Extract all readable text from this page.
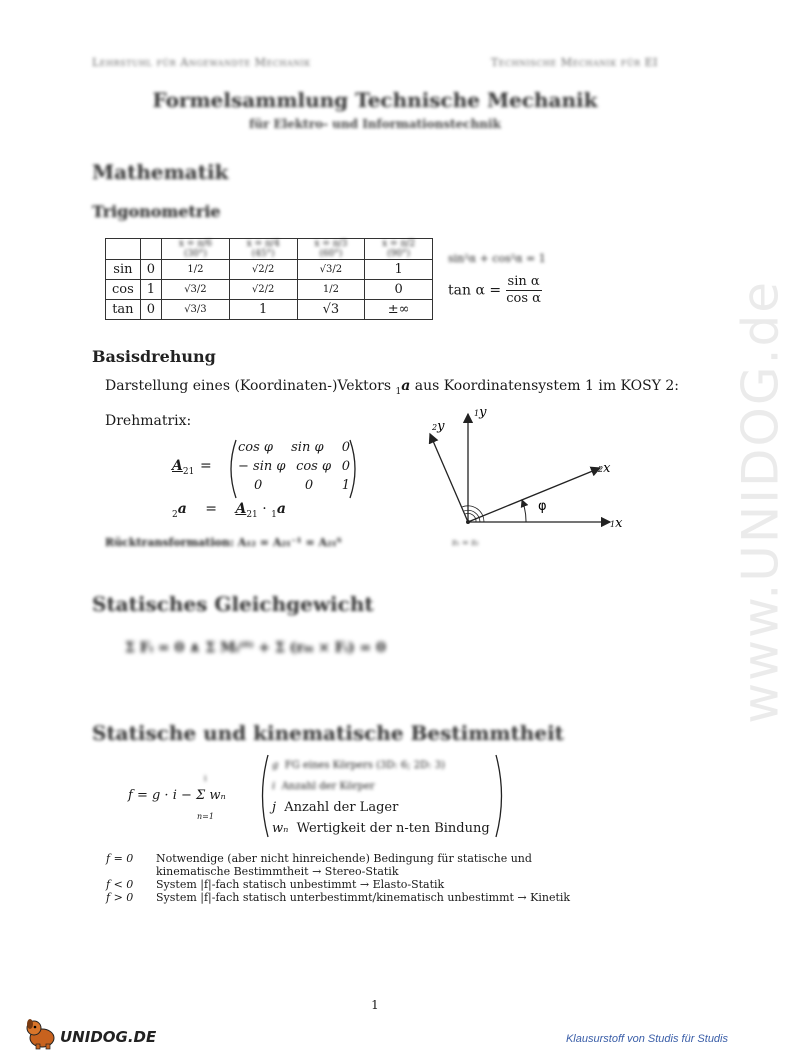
www.UNIDOG.de
Lehrstuhl für Angewandte Mechanik	Technische Mechanik für EI
Formelsammlung Technische Mechanik
für Elektro- und Informationstechnik
Mathematik
Trigonometrie
		x = π/6 (30°)	x = π/4 (45°)	x = π/3 (60°)	x = π/2 (90°)
sin	0	1/2	√2/2	√3/2	1
cos	1	√3/2	√2/2	1/2	0
tan	0	√3/3	1	√3	±∞
sin²α + cos²α = 1
$\tan \alpha = \frac{\text{sin α}}{\text{cos α}}$
Basisdrehung
Darstellung eines (Koordinaten-)Vektors $_1$a aus Koordinatensystem 1 im KOSY 2:
Drehmatrix:
$A_{21}$ =
cos φ sin φ 0
− sin φ cos φ 0
0	0 1
$_2a = A_{21} \cdot _1a$
Rücktransformation: A₁₂ = A₂₁⁻¹ = A₂₁ᵀ
φ
2y
1y
2x
1x
z₁ = z₂
Statisches Gleichgewicht
Σ Fᵢ = 0 ∧ Σ Mᵢ⁽⁰⁾ + Σ (r₀ᵢ × Fᵢ) = 0
Statische und kinematische Bestimmtheit
f = g · i − Σ wₙ
i
n=1
g FG eines Körpers (3D: 6; 2D: 3)
i Anzahl der Körper
j Anzahl der Lager
wₙ Wertigkeit der n-ten Bindung
f = 0	Notwendige (aber nicht hinreichende) Bedingung für statische und
	kinematische Bestimmtheit → Stereo-Statik
f < 0	System |f|-fach statisch unbestimmt → Elasto-Statik
f > 0	System |f|-fach statisch unterbestimmt/kinematisch unbestimmt → Kinetik
1
UNIDOG.DE	Klausurstoff von Studis für Studis
